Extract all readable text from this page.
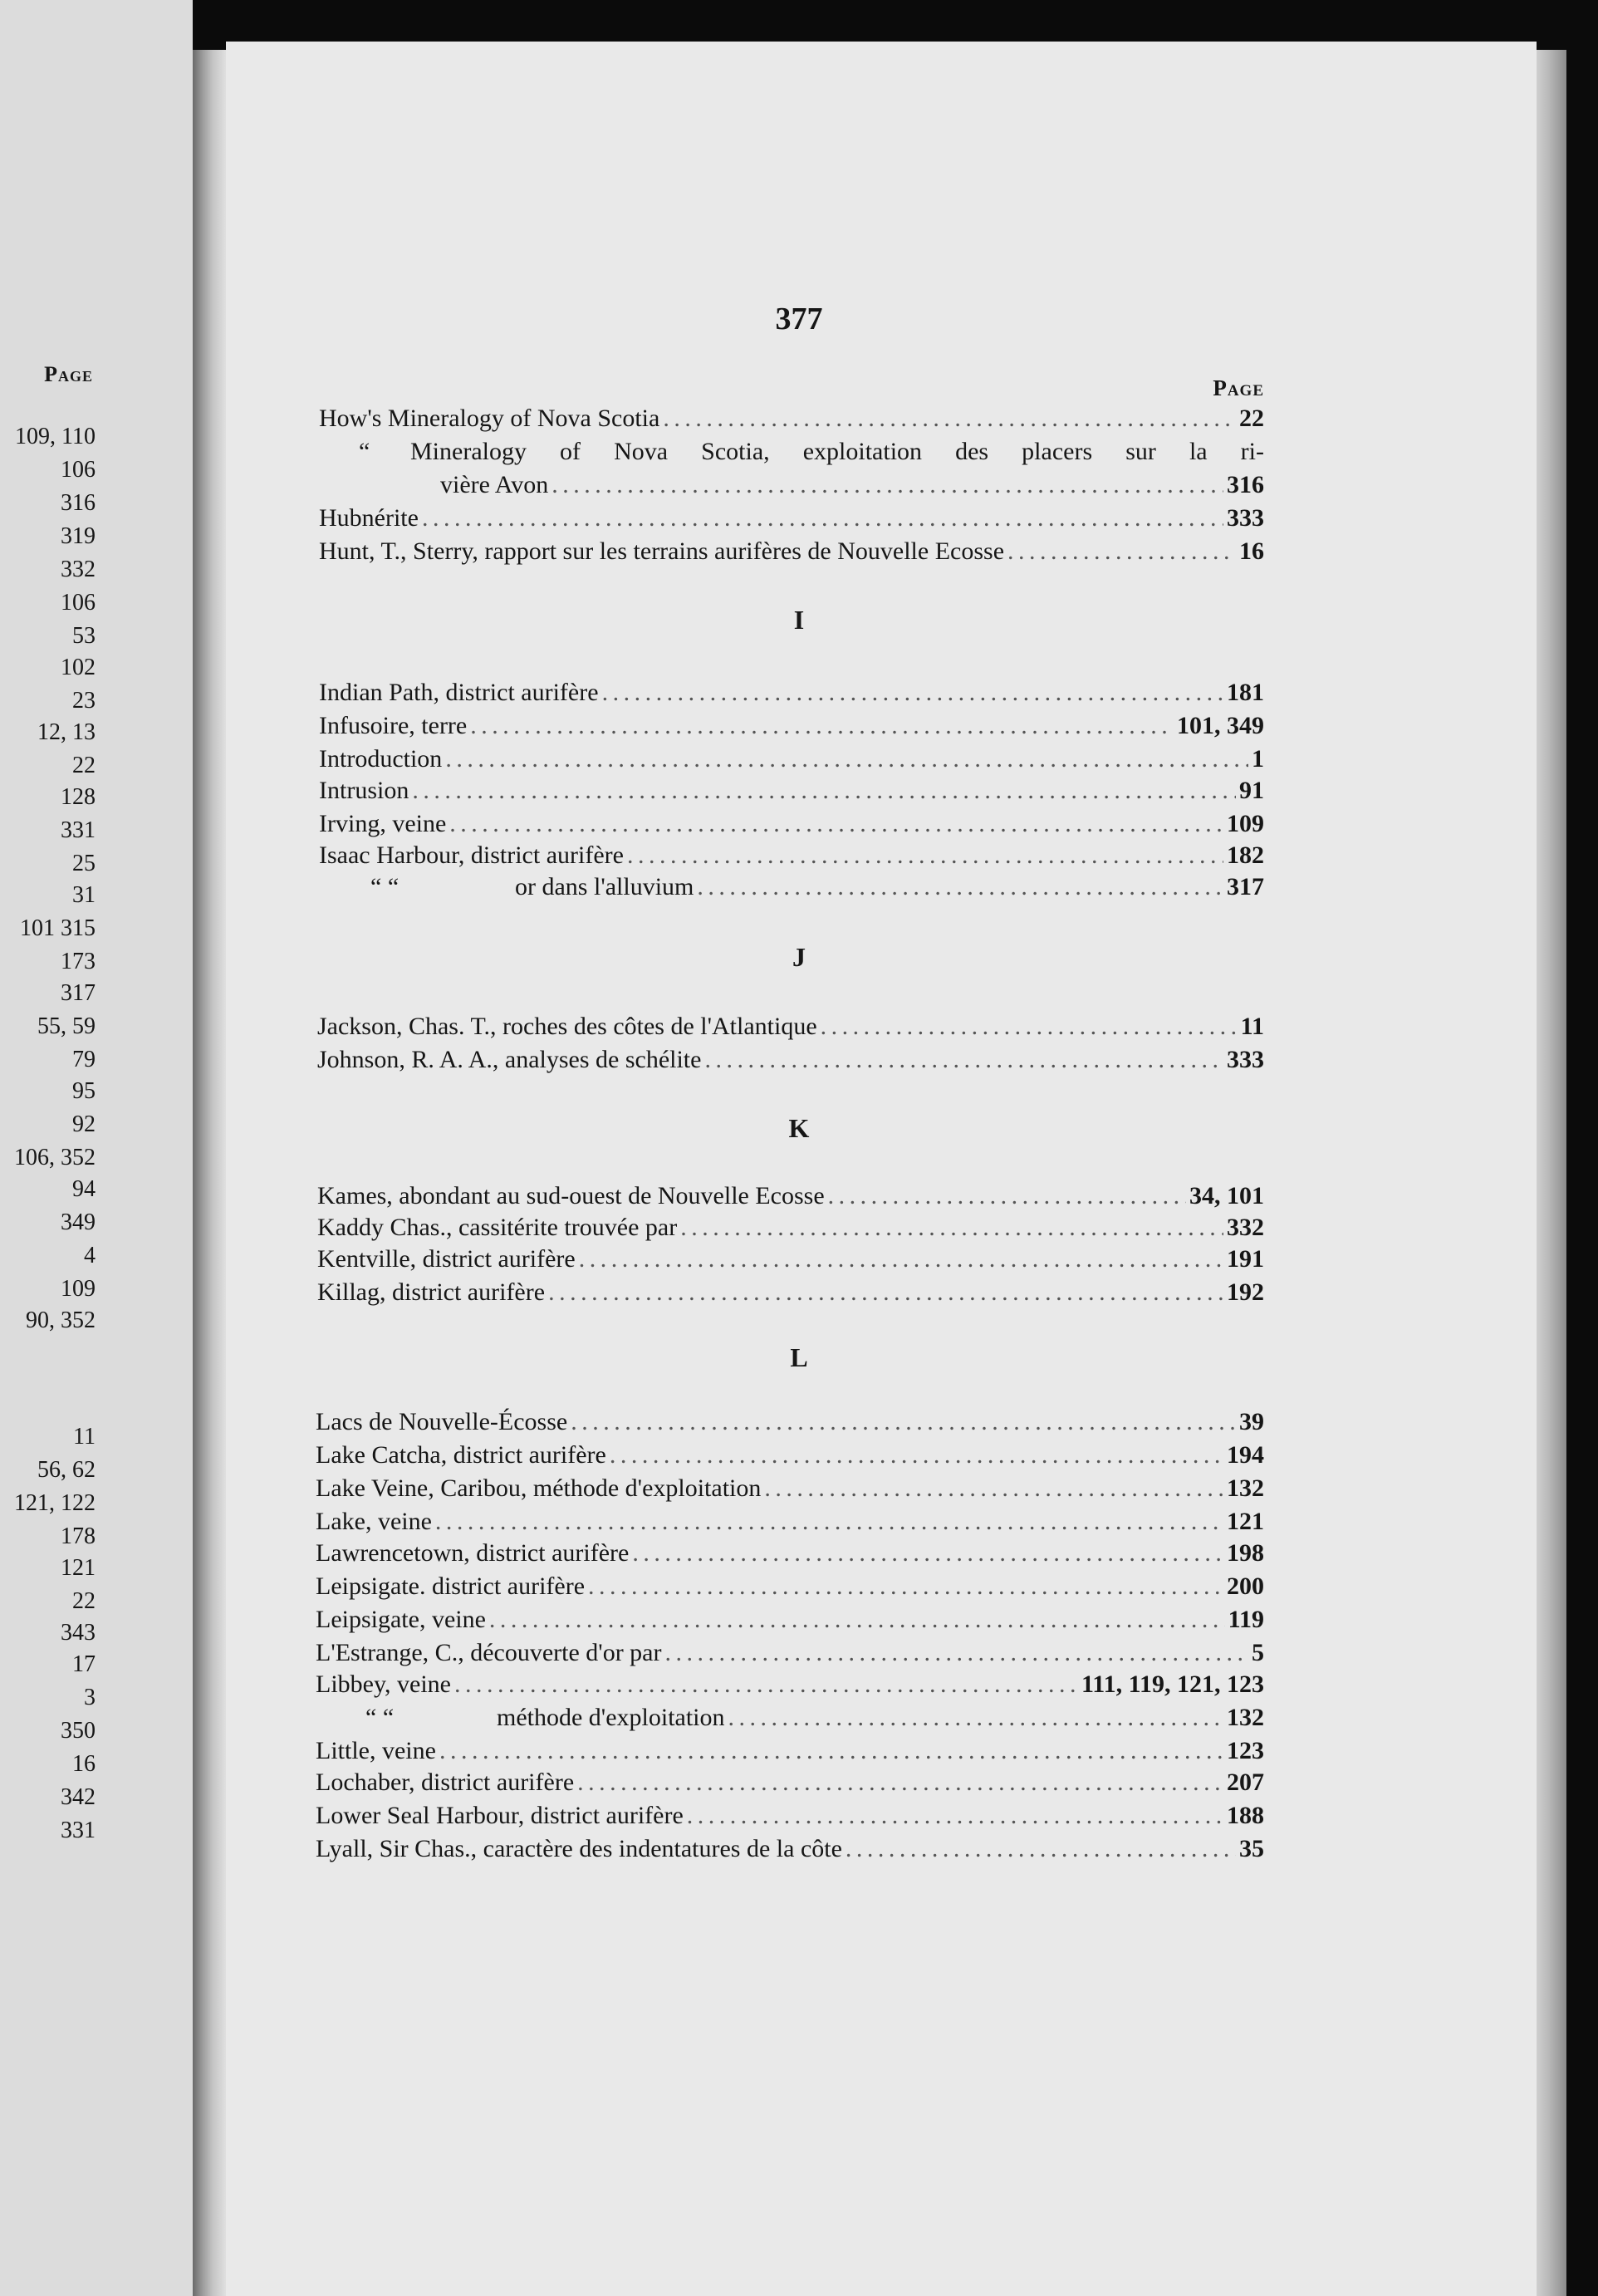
Page
109, 110
106
316
319
332
106
53
102
23
12, 13
22
128
331
25
31
101 315
173
317
55, 59
79
95
92
106, 352
94
349
4
109
90, 352
11
56, 62
121, 122
178
121
22
343
17
3
350
16
342
331
377
Page
How's Mineralogy of Nova Scotia . . .	22
“ Mineralogy of Nova Scotia, exploitation des placers sur la ri-
vière Avon . . .	316
Hubnérite . . .	333
Hunt, T., Sterry, rapport sur les terrains aurifères de Nouvelle Ecosse . . .	16
I
Indian Path, district aurifère . . .	181
Infusoire, terre . . .	101, 349
Introduction . . .	1
Intrusion . . .	91
Irving, veine . . .	109
Isaac Harbour, district aurifère . . .	182
“ “	or dans l'alluvium . . .	317
J
Jackson, Chas. T., roches des côtes de l'Atlantique . . .	11
Johnson, R. A. A., analyses de schélite . . .	333
K
Kames, abondant au sud-ouest de Nouvelle Ecosse . . .	34, 101
Kaddy Chas., cassitérite trouvée par . . .	332
Kentville, district aurifère . . .	191
Killag, district aurifère . . .	192
L
Lacs de Nouvelle-Écosse . . .	39
Lake Catcha, district aurifère . . .	194
Lake Veine, Caribou, méthode d'exploitation . . .	132
Lake, veine . . .	121
Lawrencetown, district aurifère . . .	198
Leipsigate. district aurifère . . .	200
Leipsigate, veine . . .	119
L'Estrange, C., découverte d'or par . . .	5
Libbey, veine . . .	111, 119, 121, 123
“ “	méthode d'exploitation . . .	132
Little, veine . . .	123
Lochaber, district aurifère . . .	207
Lower Seal Harbour, district aurifère . . .	188
Lyall, Sir Chas., caractère des indentatures de la côte . . .	35
